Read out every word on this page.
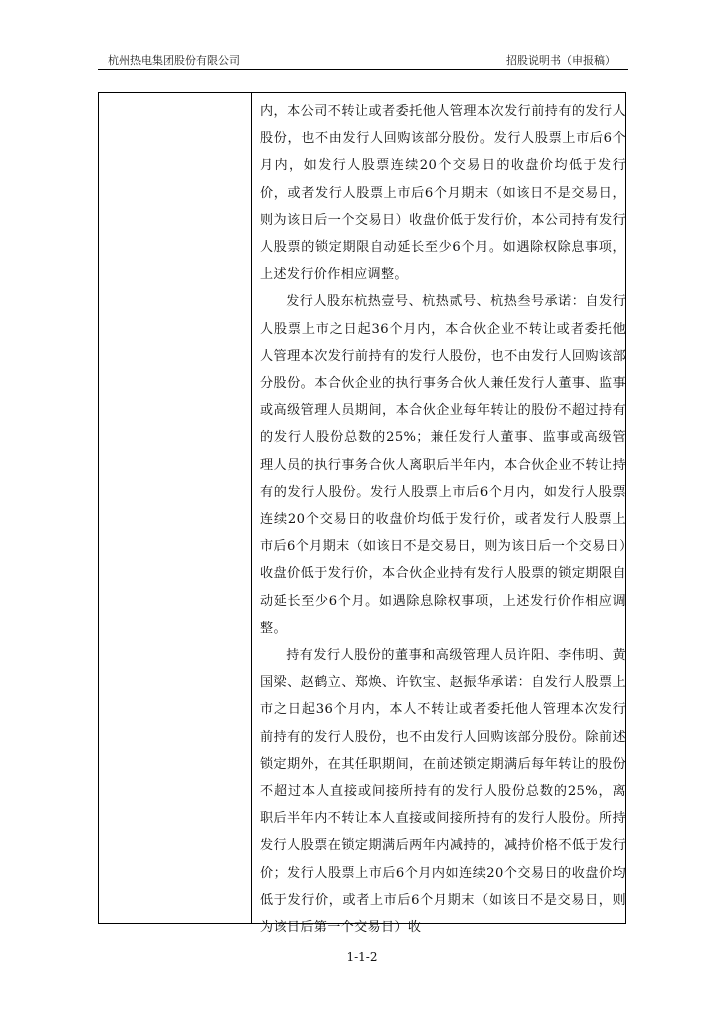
杭州热电集团股份有限公司	招股说明书（申报稿）

内，本公司不转让或者委托他人管理本次发行前持有的发行人股份，也不由发行人回购该部分股份。发行人股票上市后6个月内，如发行人股票连续20个交易日的收盘价均低于发行价，或者发行人股票上市后6个月期末（如该日不是交易日，则为该日后一个交易日）收盘价低于发行价，本公司持有发行人股票的锁定期限自动延长至少6个月。如遇除权除息事项，上述发行价作相应调整。

发行人股东杭热壹号、杭热贰号、杭热叁号承诺：自发行人股票上市之日起36个月内，本合伙企业不转让或者委托他人管理本次发行前持有的发行人股份，也不由发行人回购该部分股份。本合伙企业的执行事务合伙人兼任发行人董事、监事或高级管理人员期间，本合伙企业每年转让的股份不超过持有的发行人股份总数的25%；兼任发行人董事、监事或高级管理人员的执行事务合伙人离职后半年内，本合伙企业不转让持有的发行人股份。发行人股票上市后6个月内，如发行人股票连续20个交易日的收盘价均低于发行价，或者发行人股票上市后6个月期末（如该日不是交易日，则为该日后一个交易日）收盘价低于发行价，本合伙企业持有发行人股票的锁定期限自动延长至少6个月。如遇除息除权事项，上述发行价作相应调整。

持有发行人股份的董事和高级管理人员许阳、李伟明、黄国梁、赵鹤立、郑焕、许钦宝、赵振华承诺：自发行人股票上市之日起36个月内，本人不转让或者委托他人管理本次发行前持有的发行人股份，也不由发行人回购该部分股份。除前述锁定期外，在其任职期间，在前述锁定期满后每年转让的股份不超过本人直接或间接所持有的发行人股份总数的25%，离职后半年内不转让本人直接或间接所持有的发行人股份。所持发行人股票在锁定期满后两年内减持的，减持价格不低于发行价；发行人股票上市后6个月内如连续20个交易日的收盘价均低于发行价，或者上市后6个月期末（如该日不是交易日，则为该日后第一个交易日）收

1-1-2
